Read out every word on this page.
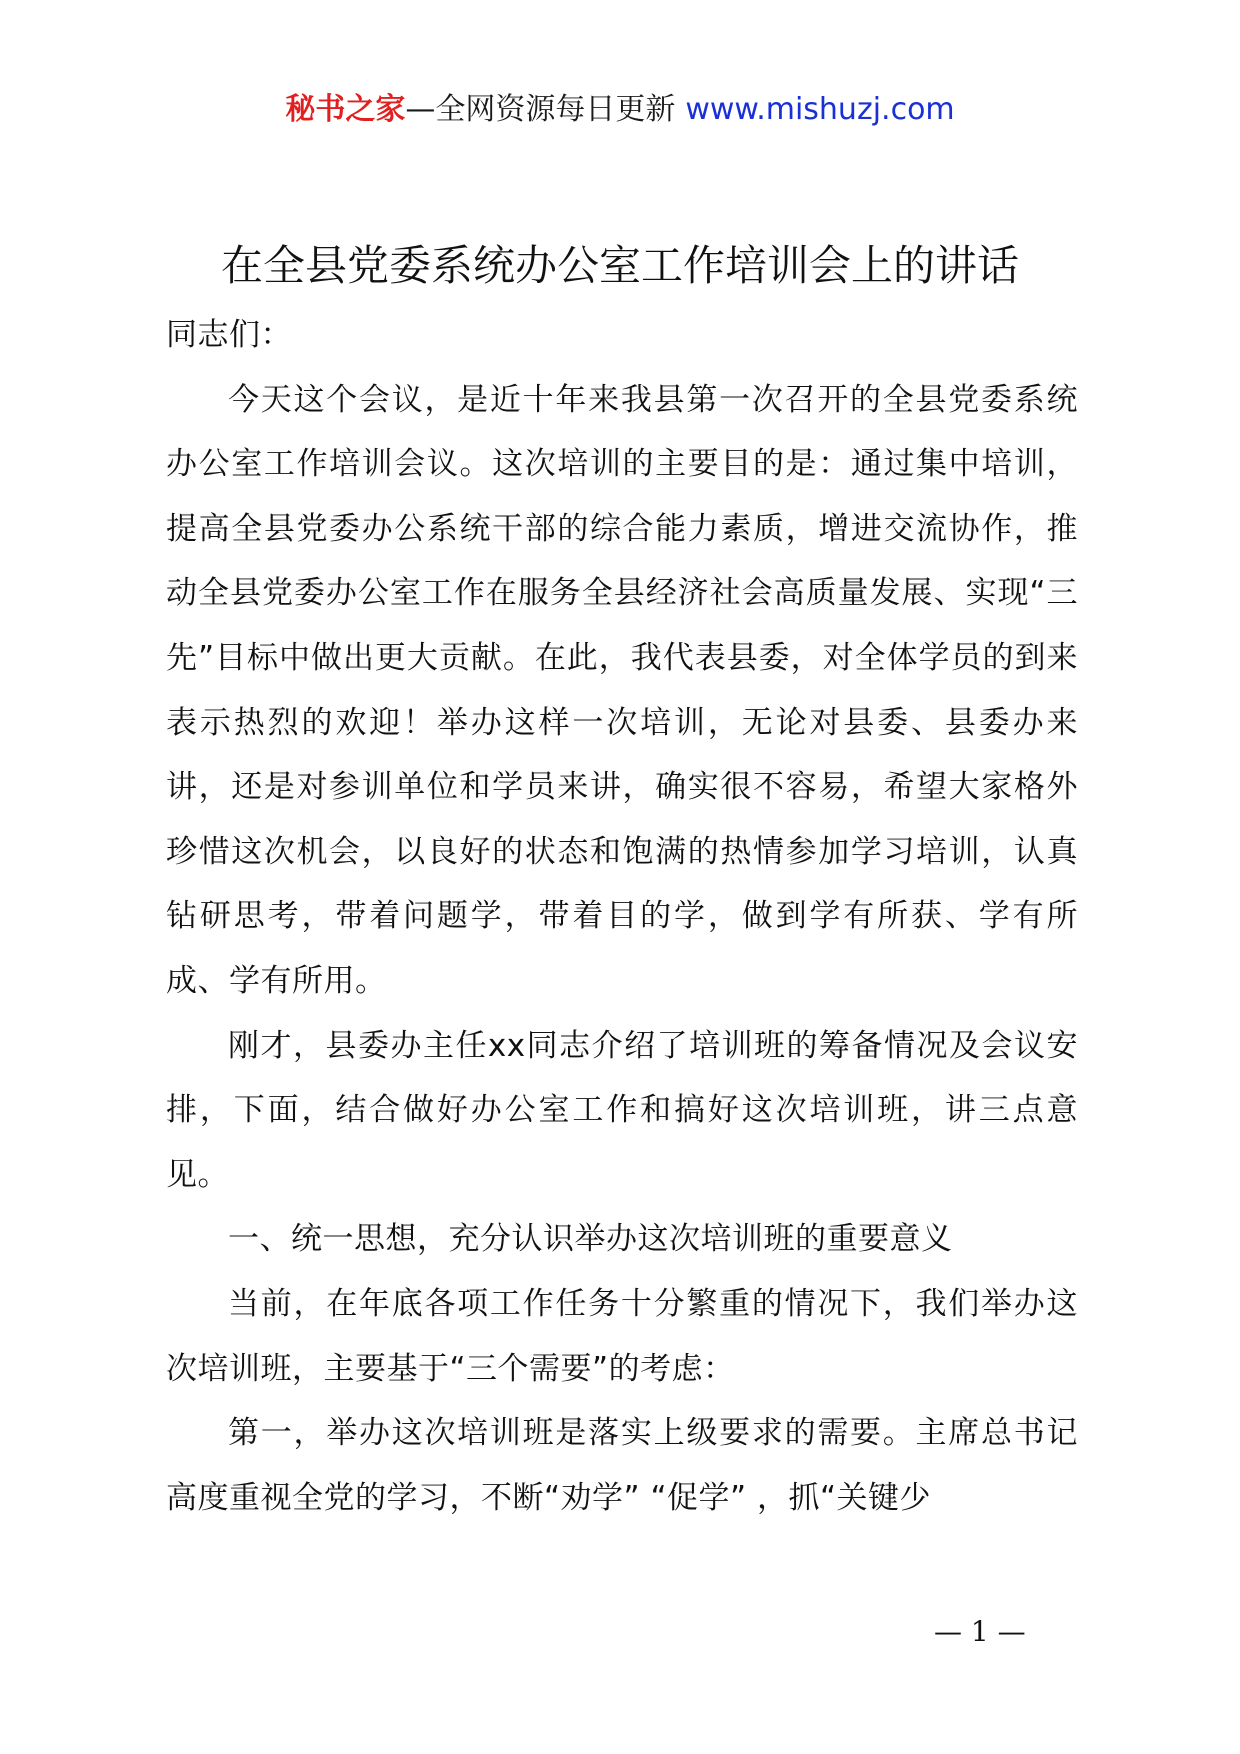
秘书之家—全网资源每日更新 www.mishuzj.com
在全县党委系统办公室工作培训会上的讲话

同志们：

今天这个会议，是近十年来我县第一次召开的全县党委系统办公室工作培训会议。这次培训的主要目的是：通过集中培训，提高全县党委办公系统干部的综合能力素质，增进交流协作，推动全县党委办公室工作在服务全县经济社会高质量发展、实现“三先”目标中做出更大贡献。在此，我代表县委，对全体学员的到来表示热烈的欢迎！举办这样一次培训，无论对县委、县委办来讲，还是对参训单位和学员来讲，确实很不容易，希望大家格外珍惜这次机会，以良好的状态和饱满的热情参加学习培训，认真钻研思考，带着问题学，带着目的学，做到学有所获、学有所成、学有所用。

刚才，县委办主任xx同志介绍了培训班的筹备情况及会议安排，下面，结合做好办公室工作和搞好这次培训班，讲三点意见。

一、统一思想，充分认识举办这次培训班的重要意义

当前，在年底各项工作任务十分繁重的情况下，我们举办这次培训班，主要基于“三个需要”的考虑：

第一，举办这次培训班是落实上级要求的需要。主席总书记高度重视全党的学习，不断“劝学” “促学” ，抓“关键少

— 1 —
